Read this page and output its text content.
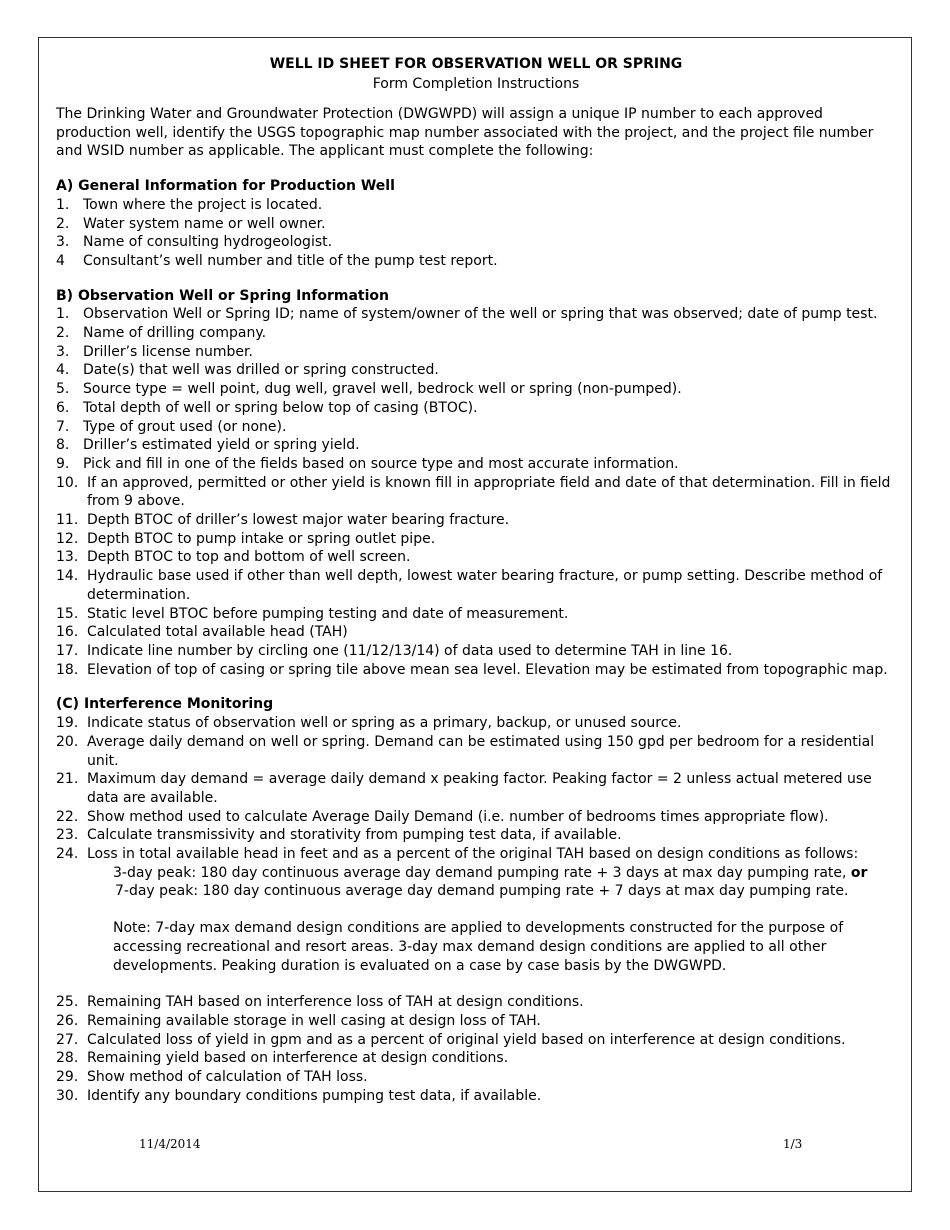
WELL ID SHEET FOR OBSERVATION WELL OR SPRING

Form Completion Instructions

The Drinking Water and Groundwater Protection (DWGWPD) will assign a unique IP number to each approved production well, identify the USGS topographic map number associated with the project, and the project file number and WSID number as applicable. The applicant must complete the following:

A) General Information for Production Well
1. Town where the project is located.
2. Water system name or well owner.
3. Name of consulting hydrogeologist.
4	Consultant’s well number and title of the pump test report.
B) Observation Well or Spring Information
1. Observation Well or Spring ID; name of system/owner of the well or spring that was observed; date of pump test.
2. Name of drilling company.
3. Driller’s license number.
4. Date(s) that well was drilled or spring constructed.
5. Source type = well point, dug well, gravel well, bedrock well or spring (non-pumped).
6. Total depth of well or spring below top of casing (BTOC).
7. Type of grout used (or none).
8. Driller’s estimated yield or spring yield.
9. Pick and fill in one of the fields based on source type and most accurate information.
10. If an approved, permitted or other yield is known fill in appropriate field and date of that determination. Fill in field from 9 above.
11. Depth BTOC of driller’s lowest major water bearing fracture.
12. Depth BTOC to pump intake or spring outlet pipe.
13. Depth BTOC to top and bottom of well screen.
14. Hydraulic base used if other than well depth, lowest water bearing fracture, or pump setting. Describe method of determination.
15. Static level BTOC before pumping testing and date of measurement.
16. Calculated total available head (TAH)
17. Indicate line number by circling one (11/12/13/14) of data used to determine TAH in line 16.
18. Elevation of top of casing or spring tile above mean sea level. Elevation may be estimated from topographic map.
(C) Interference Monitoring
19. Indicate status of observation well or spring as a primary, backup, or unused source.
20. Average daily demand on well or spring. Demand can be estimated using 150 gpd per bedroom for a residential unit.
21. Maximum day demand = average daily demand x peaking factor. Peaking factor = 2 unless actual metered use data are available.
22. Show method used to calculate Average Daily Demand (i.e. number of bedrooms times appropriate flow).
23. Calculate transmissivity and storativity from pumping test data, if available.
24. Loss in total available head in feet and as a percent of the original TAH based on design conditions as follows:

3-day peak: 180 day continuous average day demand pumping rate + 3 days at max day pumping rate, or

7-day peak: 180 day continuous average day demand pumping rate + 7 days at max day pumping rate.

Note: 7-day max demand design conditions are applied to developments constructed for the purpose of accessing recreational and resort areas. 3-day max demand design conditions are applied to all other developments. Peaking duration is evaluated on a case by case basis by the DWGWPD.

25. Remaining TAH based on interference loss of TAH at design conditions.
26. Remaining available storage in well casing at design loss of TAH.
27. Calculated loss of yield in gpm and as a percent of original yield based on interference at design conditions.
28. Remaining yield based on interference at design conditions.
29. Show method of calculation of TAH loss.
30. Identify any boundary conditions pumping test data, if available.
11/4/2014	1/3
